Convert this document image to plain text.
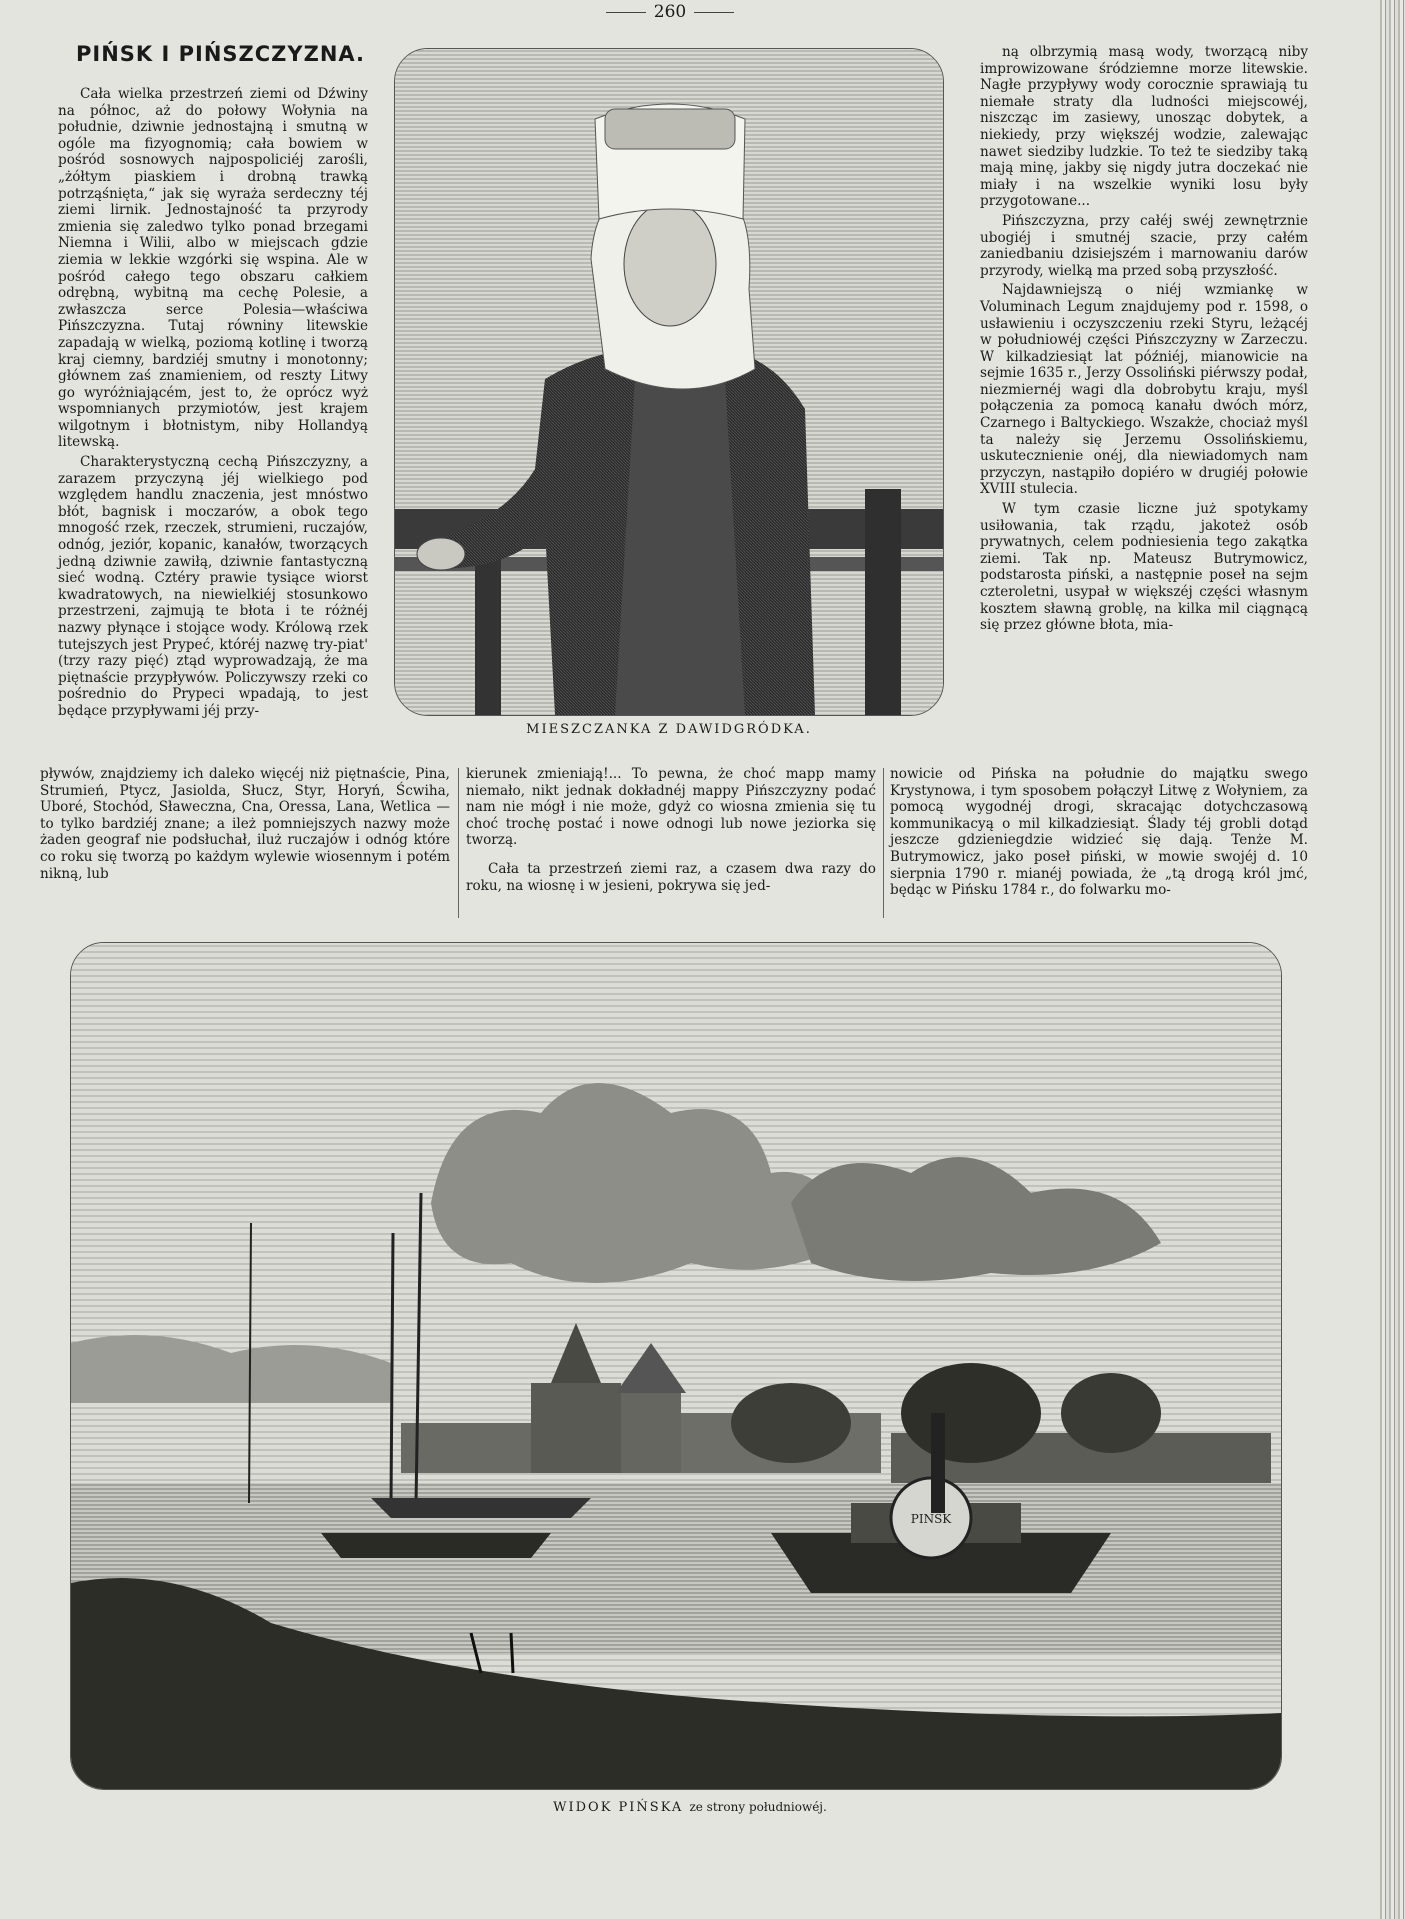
260
PIŃSK I PIŃSZCZYZNA.

Cała wielka przestrzeń ziemi od Dźwiny na północ, aż do połowy Wołynia na południe, dziwnie jednostajną i smutną w ogóle ma fizyognomią; cała bowiem w pośród sosnowych najpospoliciéj zarośli, „żółtym piaskiem i drobną trawką potrząśnięta,“ jak się wyraża serdeczny téj ziemi lirnik. Jednostajność ta przyrody zmienia się zaledwo tylko ponad brzegami Niemna i Wilii, albo w miejscach gdzie ziemia w lekkie wzgórki się wspina. Ale w pośród całego tego obszaru całkiem odrębną, wybitną ma cechę Polesie, a zwłaszcza serce Polesia—właściwa Pińszczyzna. Tutaj równiny litewskie zapadają w wielką, poziomą kotlinę i tworzą kraj ciemny, bardziéj smutny i monotonny; głównem zaś znamieniem, od reszty Litwy go wyróżniającém, jest to, że oprócz wyż wspomnianych przymiotów, jest krajem wilgotnym i błotnistym, niby Hollandyą litewską.

Charakterystyczną cechą Pińszczyzny, a zarazem przyczyną jéj wielkiego pod względem handlu znaczenia, jest mnóstwo błót, bagnisk i moczarów, a obok tego mnogość rzek, rzeczek, strumieni, ruczajów, odnóg, jeziór, kopanic, kanałów, tworzących jedną dziwnie zawiłą, dziwnie fantastyczną sieć wodną. Cztéry prawie tysiące wiorst kwadratowych, na niewielkiéj stosunkowo przestrzeni, zajmują te błota i te różnéj nazwy płynące i stojące wody. Królową rzek tutejszych jest Prypeć, któréj nazwę try-piat' (trzy razy pięć) ztąd wyprowadzają, że ma piętnaście przypływów. Policzywszy rzeki co pośrednio do Prypeci wpadają, to jest będące przypływami jéj przy-

MIESZCZANKA Z DAWIDGRÓDKA.

ną olbrzymią masą wody, tworzącą niby improwizowane śródziemne morze litewskie. Nagłe przypływy wody corocznie sprawiają tu niemałe straty dla ludności miejscowéj, niszcząc im zasiewy, unosząc dobytek, a niekiedy, przy większéj wodzie, zalewając nawet siedziby ludzkie. To też te siedziby taką mają minę, jakby się nigdy jutra doczekać nie miały i na wszelkie wyniki losu były przygotowane...

Pińszczyzna, przy całéj swéj zewnętrznie ubogiéj i smutnéj szacie, przy całém zaniedbaniu dzisiejszém i marnowaniu darów przyrody, wielką ma przed sobą przyszłość.

Najdawniejszą o niéj wzmiankę w Voluminach Legum znajdujemy pod r. 1598, o usławieniu i oczyszczeniu rzeki Styru, leżącéj w południowéj części Pińszczyzny w Zarzeczu. W kilkadziesiąt lat późniéj, mianowicie na sejmie 1635 r., Jerzy Ossoliński piérwszy podał, niezmiernéj wagi dla dobrobytu kraju, myśl połączenia za pomocą kanału dwóch mórz, Czarnego i Baltyckiego. Wszakże, chociaż myśl ta należy się Jerzemu Ossolińskiemu, uskutecznienie onéj, dla niewiadomych nam przyczyn, nastąpiło dopiéro w drugiéj połowie XVIII stulecia.

W tym czasie liczne już spotykamy usiłowania, tak rządu, jakoteż osób prywatnych, celem podniesienia tego zakątka ziemi. Tak np. Mateusz Butrymowicz, podstarosta piński, a następnie poseł na sejm czteroletni, usypał w większéj części własnym kosztem sławną groblę, na kilka mil ciągnącą się przez główne błota, mia-

pływów, znajdziemy ich daleko więcéj niż piętnaście, Pina, Strumień, Ptycz, Jasiolda, Słucz, Styr, Horyń, Ścwiha, Uboré, Stochód, Sławeczna, Cna, Oressa, Lana, Wetlica — to tylko bardziéj znane; a ileż pomniejszych nazwy może żaden geograf nie podsłuchał, iluż ruczajów i odnóg które co roku się tworzą po każdym wylewie wiosennym i potém nikną, lub

kierunek zmieniają!... To pewna, że choć mapp mamy niemało, nikt jednak dokładnéj mappy Pińszczyzny podać nam nie mógł i nie może, gdyż co wiosna zmienia się tu choć trochę postać i nowe odnogi lub nowe jeziorka się tworzą.

Cała ta przestrzeń ziemi raz, a czasem dwa razy do roku, na wiosnę i w jesieni, pokrywa się jed-

nowicie od Pińska na południe do majątku swego Krystynowa, i tym sposobem połączył Litwę z Wołyniem, za pomocą wygodnéj drogi, skracając dotychczasową kommunikacyą o mil kilkadziesiąt. Ślady téj grobli dotąd jeszcze gdzieniegdzie widzieć się dają. Tenże M. Butrymowicz, jako poseł piński, w mowie swojéj d. 10 sierpnia 1790 r. mianéj powiada, że „tą drogą król jmć, będąc w Pińsku 1784 r., do folwarku mo-

PINSK
WIDOK PIŃSKA ze strony południowéj.
